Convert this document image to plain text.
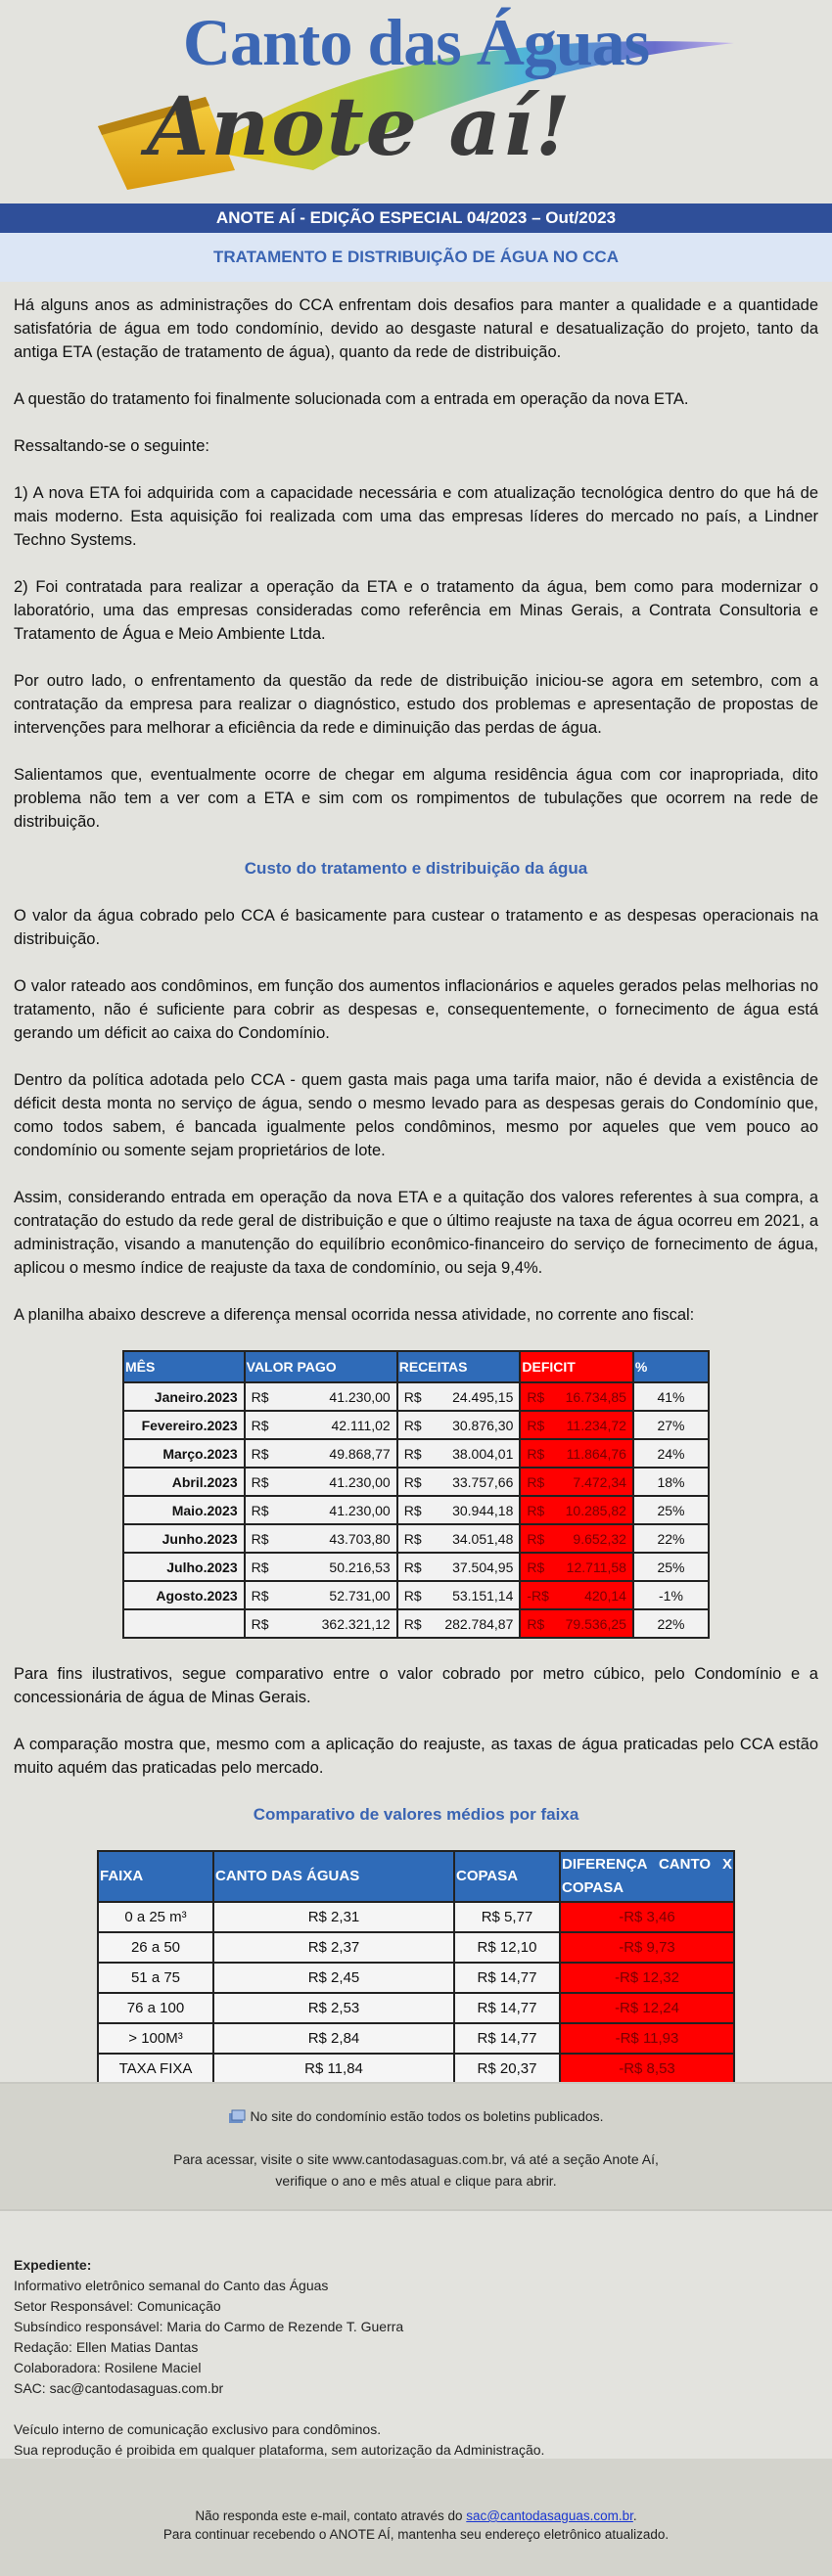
Canto das Águas
Anote aí!
ANOTE AÍ - EDIÇÃO ESPECIAL 04/2023 – Out/2023
TRATAMENTO E DISTRIBUIÇÃO DE ÁGUA NO CCA

Há alguns anos as administrações do CCA enfrentam dois desafios para manter a qualidade e a quantidade satisfatória de água em todo condomínio, devido ao desgaste natural e desatualização do projeto, tanto da antiga ETA (estação de tratamento de água), quanto da rede de distribuição.

A questão do tratamento foi finalmente solucionada com a entrada em operação da nova ETA.

Ressaltando-se o seguinte:

1) A nova ETA foi adquirida com a capacidade necessária e com atualização tecnológica dentro do que há de mais moderno. Esta aquisição foi realizada com uma das empresas líderes do mercado no país, a Lindner Techno Systems.

2) Foi contratada para realizar a operação da ETA e o tratamento da água, bem como para modernizar o laboratório, uma das empresas consideradas como referência em Minas Gerais, a Contrata Consultoria e Tratamento de Água e Meio Ambiente Ltda.

Por outro lado, o enfrentamento da questão da rede de distribuição iniciou-se agora em setembro, com a contratação da empresa para realizar o diagnóstico, estudo dos problemas e apresentação de propostas de intervenções para melhorar a eficiência da rede e diminuição das perdas de água.

Salientamos que, eventualmente ocorre de chegar em alguma residência água com cor inapropriada, dito problema não tem a ver com a ETA e sim com os rompimentos de tubulações que ocorrem na rede de distribuição.

Custo do tratamento e distribuição da água

O valor da água cobrado pelo CCA é basicamente para custear o tratamento e as despesas operacionais na distribuição.

O valor rateado aos condôminos, em função dos aumentos inflacionários e aqueles gerados pelas melhorias no tratamento, não é suficiente para cobrir as despesas e, consequentemente, o fornecimento de água está gerando um déficit ao caixa do Condomínio.

Dentro da política adotada pelo CCA - quem gasta mais paga uma tarifa maior, não é devida a existência de déficit desta monta no serviço de água, sendo o mesmo levado para as despesas gerais do Condomínio que, como todos sabem, é bancada igualmente pelos condôminos, mesmo por aqueles que vem pouco ao condomínio ou somente sejam proprietários de lote.

Assim, considerando entrada em operação da nova ETA e a quitação dos valores referentes à sua compra, a contratação do estudo da rede geral de distribuição e que o último reajuste na taxa de água ocorreu em 2021, a administração, visando a manutenção do equilíbrio econômico-financeiro do serviço de fornecimento de água, aplicou o mesmo índice de reajuste da taxa de condomínio, ou seja 9,4%.

A planilha abaixo descreve a diferença mensal ocorrida nessa atividade, no corrente ano fiscal:

MÊS	VALOR PAGO	RECEITAS	DEFICIT	%
Janeiro.2023	R$ 41.230,00	R$ 24.495,15	R$ 16.734,85	41%
Fevereiro.2023	R$ 42.111,02	R$ 30.876,30	R$ 11.234,72	27%
Março.2023	R$ 49.868,77	R$ 38.004,01	R$ 11.864,76	24%
Abril.2023	R$ 41.230,00	R$ 33.757,66	R$ 7.472,34	18%
Maio.2023	R$ 41.230,00	R$ 30.944,18	R$ 10.285,82	25%
Junho.2023	R$ 43.703,80	R$ 34.051,48	R$ 9.652,32	22%
Julho.2023	R$ 50.216,53	R$ 37.504,95	R$ 12.711,58	25%
Agosto.2023	R$ 52.731,00	R$ 53.151,14	-R$ 420,14	-1%

	R$ 362.321,12	R$ 282.784,87	R$ 79.536,25	22%

Para fins ilustrativos, segue comparativo entre o valor cobrado por metro cúbico, pelo Condomínio e a concessionária de água de Minas Gerais.

A comparação mostra que, mesmo com a aplicação do reajuste, as taxas de água praticadas pelo CCA estão muito aquém das praticadas pelo mercado.

Comparativo de valores médios por faixa
FAIXA	CANTO DAS ÁGUAS	COPASA	DIFERENÇA CANTO X COPASA
0 a 25 m³	R$ 2,31	R$ 5,77	-R$ 3,46
26 a 50	R$ 2,37	R$ 12,10	-R$ 9,73
51 a 75	R$ 2,45	R$ 14,77	-R$ 12,32
76 a 100	R$ 2,53	R$ 14,77	-R$ 12,24
> 100M³	R$ 2,84	R$ 14,77	-R$ 11,93
TAXA FIXA	R$ 11,84	R$ 20,37	-R$ 8,53
No site do condomínio estão todos os boletins publicados.
Para acessar, visite o site www.cantodasaguas.com.br, vá até a seção Anote Aí,
verifique o ano e mês atual e clique para abrir.
Expediente:
Informativo eletrônico semanal do Canto das Águas
Setor Responsável: Comunicação
Subsíndico responsável: Maria do Carmo de Rezende T. Guerra
Redação: Ellen Matias Dantas
Colaboradora: Rosilene Maciel
SAC: sac@cantodasaguas.com.br
Veículo interno de comunicação exclusivo para condôminos.
Sua reprodução é proibida em qualquer plataforma, sem autorização da Administração.
Não responda este e-mail, contato através do sac@cantodasaguas.com.br.
Para continuar recebendo o ANOTE AÍ, mantenha seu endereço eletrônico atualizado.
